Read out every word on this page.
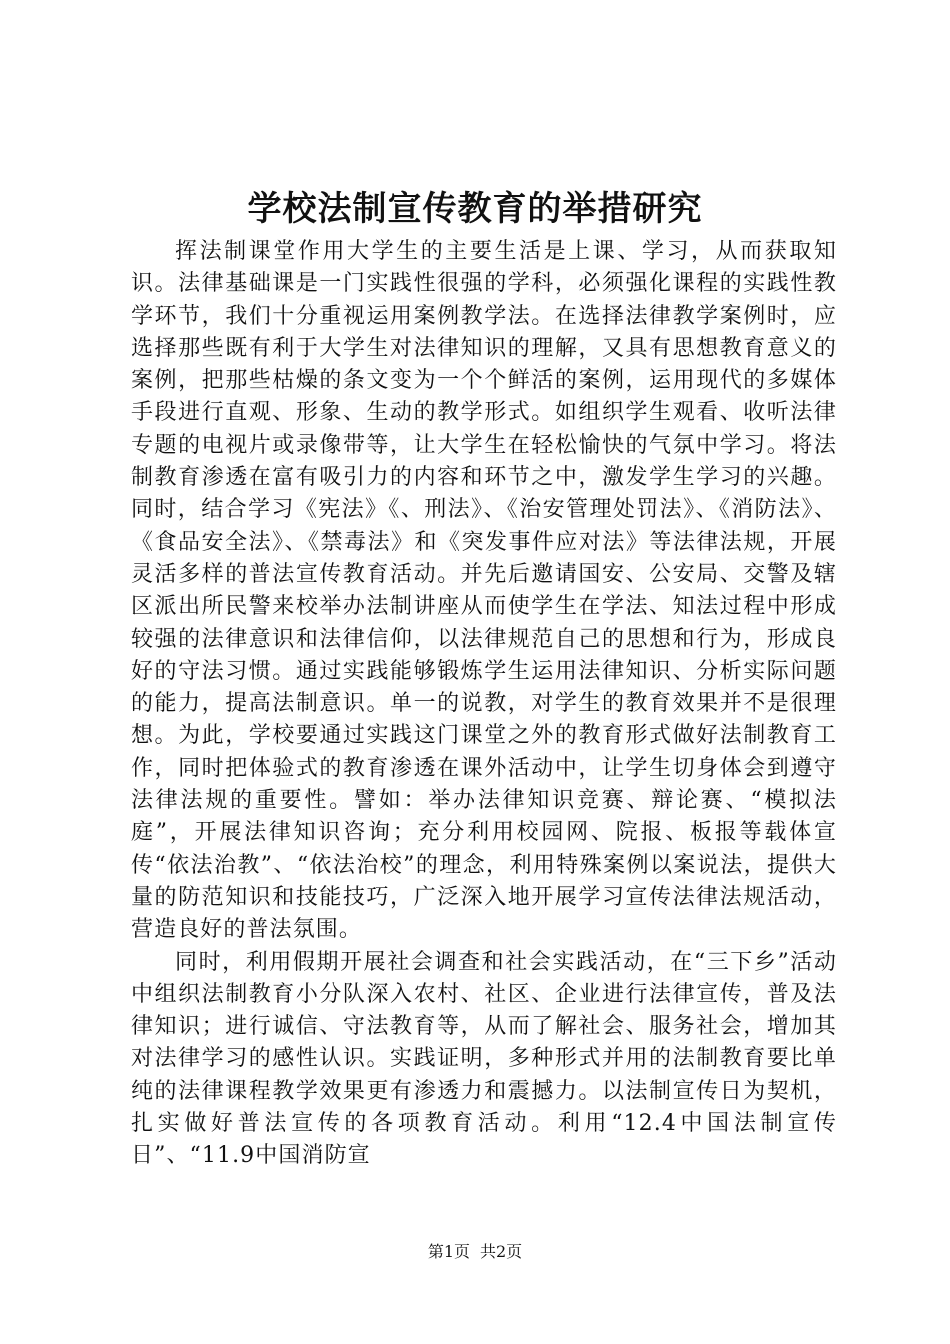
学校法制宣传教育的举措研究

挥法制课堂作用大学生的主要生活是上课、学习，从而获取知识。法律基础课是一门实践性很强的学科，必须强化课程的实践性教学环节，我们十分重视运用案例教学法。在选择法律教学案例时，应选择那些既有利于大学生对法律知识的理解，又具有思想教育意义的案例，把那些枯燥的条文变为一个个鲜活的案例，运用现代的多媒体手段进行直观、形象、生动的教学形式。如组织学生观看、收听法律专题的电视片或录像带等，让大学生在轻松愉快的气氛中学习。将法制教育渗透在富有吸引力的内容和环节之中，激发学生学习的兴趣。同时，结合学习《宪法》《、刑法》、《治安管理处罚法》、《消防法》、《食品安全法》、《禁毒法》和《突发事件应对法》等法律法规，开展灵活多样的普法宣传教育活动。并先后邀请国安、公安局、交警及辖区派出所民警来校举办法制讲座从而使学生在学法、知法过程中形成较强的法律意识和法律信仰，以法律规范自己的思想和行为，形成良好的守法习惯。通过实践能够锻炼学生运用法律知识、分析实际问题的能力，提高法制意识。单一的说教，对学生的教育效果并不是很理想。为此，学校要通过实践这门课堂之外的教育形式做好法制教育工作，同时把体验式的教育渗透在课外活动中，让学生切身体会到遵守法律法规的重要性。譬如：举办法律知识竞赛、辩论赛、“模拟法庭”，开展法律知识咨询；充分利用校园网、院报、板报等载体宣传“依法治教”、“依法治校”的理念，利用特殊案例以案说法，提供大量的防范知识和技能技巧，广泛深入地开展学习宣传法律法规活动，营造良好的普法氛围。

同时，利用假期开展社会调查和社会实践活动，在“三下乡”活动中组织法制教育小分队深入农村、社区、企业进行法律宣传，普及法律知识；进行诚信、守法教育等，从而了解社会、服务社会，增加其对法律学习的感性认识。实践证明，多种形式并用的法制教育要比单纯的法律课程教学效果更有渗透力和震撼力。以法制宣传日为契机，扎实做好普法宣传的各项教育活动。利用“12.4中国法制宣传日”、“11.9中国消防宣

第1页 共2页
